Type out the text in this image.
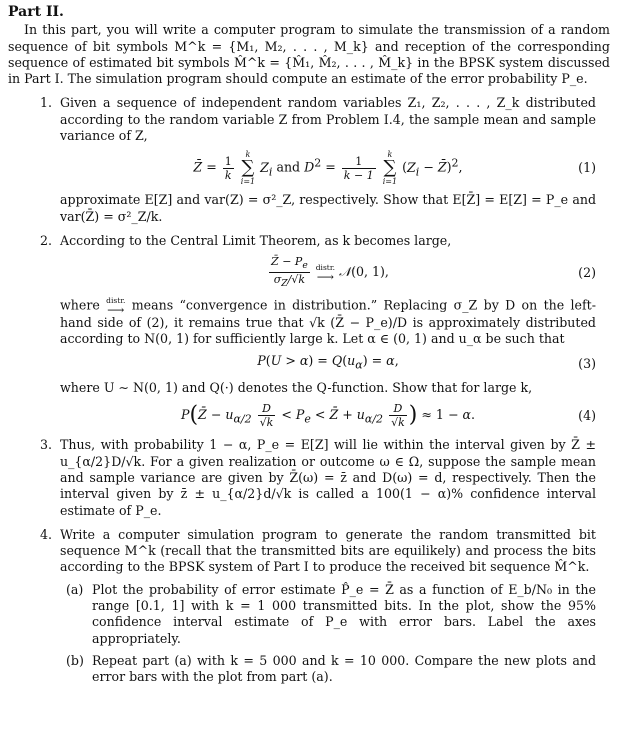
Part II.

In this part, you will write a computer program to simulate the transmission of a random sequence of bit symbols M^k = {M₁, M₂, . . . , M_k} and reception of the corresponding sequence of estimated bit symbols M̂^k = {M̂₁, M̂₂, . . . , M̂_k} in the BPSK system discussed in Part I. The simulation program should compute an estimate of the error probability P_e.

1. Given a sequence of independent random variables Z₁, Z₂, . . . , Z_k distributed according to the random variable Z from Problem I.4, the sample mean and sample variance of Z,

Z̄ = $\frac{1}{k}$
	k
∑
i=1
$Z_i$ and $D^2 = \frac{1}{k - 1}$
	k
∑
i=1
($Z_i$ − Z̄)$^2$,	(1)

approximate E[Z] and var(Z) = σ²_Z, respectively. Show that E[Z̄] = E[Z] = P_e and var(Z̄) = σ²_Z/k.

2. According to the Central Limit Theorem, as k becomes large,

$\frac{Z̄ - P_e}{\sigma_Z/√k}$
distr.
⟶ 𝒩(0, 1),	(2)

where distr.
⟶ means “convergence in distribution.” Replacing σ_Z by D on the left-hand side of (2), it remains true that √k (Z̄ − P_e)/D is approximately distributed according to N(0, 1) for sufficiently large k. Let α ∈ (0, 1) and u_α be such that

$P(U > \alpha) = Q(u_\alpha) = \alpha$,	(3)

where U ∼ N(0, 1) and Q(·) denotes the Q-function. Show that for large k,

P(Z̄ − $u_{\alpha/2} \frac{D}{√k} < P_e$ < Z̄ + $u_{\alpha/2} \frac{D}{√k}$ ) ≈ 1 − α.	(4)
3. Thus, with probability 1 − α, P_e = E[Z] will lie within the interval given by Z̄ ± u_{α/2}D/√k. For a given realization or outcome ω ∈ Ω, suppose the sample mean and sample variance are given by Z̄(ω) = z̄ and D(ω) = d, respectively. Then the interval given by z̄ ± u_{α/2}d/√k is called a 100(1 − α)% confidence interval estimate of P_e.

4. Write a computer simulation program to generate the random transmitted bit sequence M^k (recall that the transmitted bits are equilikely) and process the bits according to the BPSK system of Part I to produce the received bit sequence M̂^k.

(a) Plot the probability of error estimate P̂_e = Z̄ as a function of E_b/N₀ in the range [0.1, 1] with k = 1 000 transmitted bits. In the plot, show the 95% confidence interval estimate of P_e with error bars. Label the axes appropriately.

(b) Repeat part (a) with k = 5 000 and k = 10 000. Compare the new plots and error bars with the plot from part (a).
